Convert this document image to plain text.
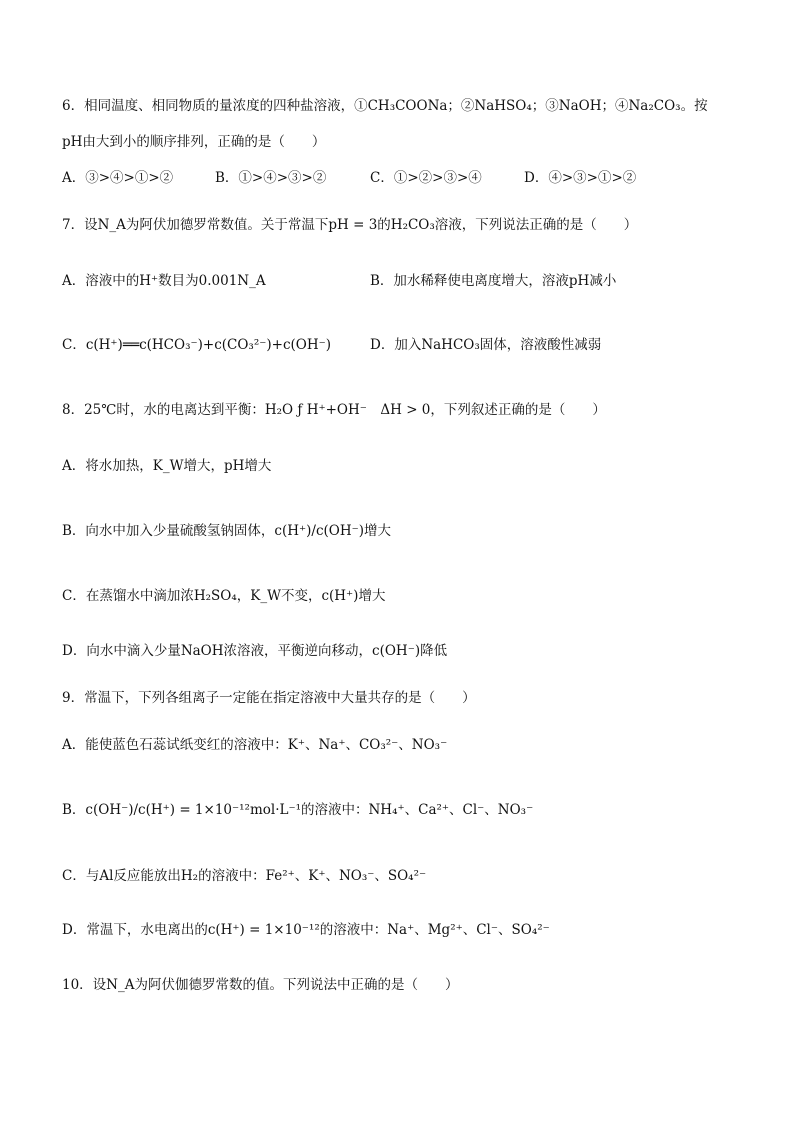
6．相同温度、相同物质的量浓度的四种盐溶液，①CH₃COONa；②NaHSO₄；③NaOH；④Na₂CO₃。按
pH由大到小的顺序排列，正确的是（　　）
A．③>④>①>②	B．①>④>③>②	C．①>②>③>④	D．④>③>①>②
7．设N_A为阿伏加德罗常数值。关于常温下pH = 3的H₂CO₃溶液，下列说法正确的是（　　）
A．溶液中的H⁺数目为0.001N_A	B．加水稀释使电离度增大，溶液pH减小
C．c(H⁺)══c(HCO₃⁻)+c(CO₃²⁻)+c(OH⁻)	D．加入NaHCO₃固体，溶液酸性减弱
8．25℃时，水的电离达到平衡：H₂O ƒ H⁺+OH⁻　ΔH > 0，下列叙述正确的是（　　）
A．将水加热，K_W增大，pH增大
B．向水中加入少量硫酸氢钠固体，c(H⁺)/c(OH⁻)增大
C．在蒸馏水中滴加浓H₂SO₄，K_W不变，c(H⁺)增大
D．向水中滴入少量NaOH浓溶液，平衡逆向移动，c(OH⁻)降低
9．常温下，下列各组离子一定能在指定溶液中大量共存的是（　　）
A．能使蓝色石蕊试纸变红的溶液中：K⁺、Na⁺、CO₃²⁻、NO₃⁻
B．c(OH⁻)/c(H⁺) = 1×10⁻¹²mol·L⁻¹的溶液中：NH₄⁺、Ca²⁺、Cl⁻、NO₃⁻
C．与Al反应能放出H₂的溶液中：Fe²⁺、K⁺、NO₃⁻、SO₄²⁻
D．常温下，水电离出的c(H⁺) = 1×10⁻¹²的溶液中：Na⁺、Mg²⁺、Cl⁻、SO₄²⁻
10．设N_A为阿伏伽德罗常数的值。下列说法中正确的是（　　）
